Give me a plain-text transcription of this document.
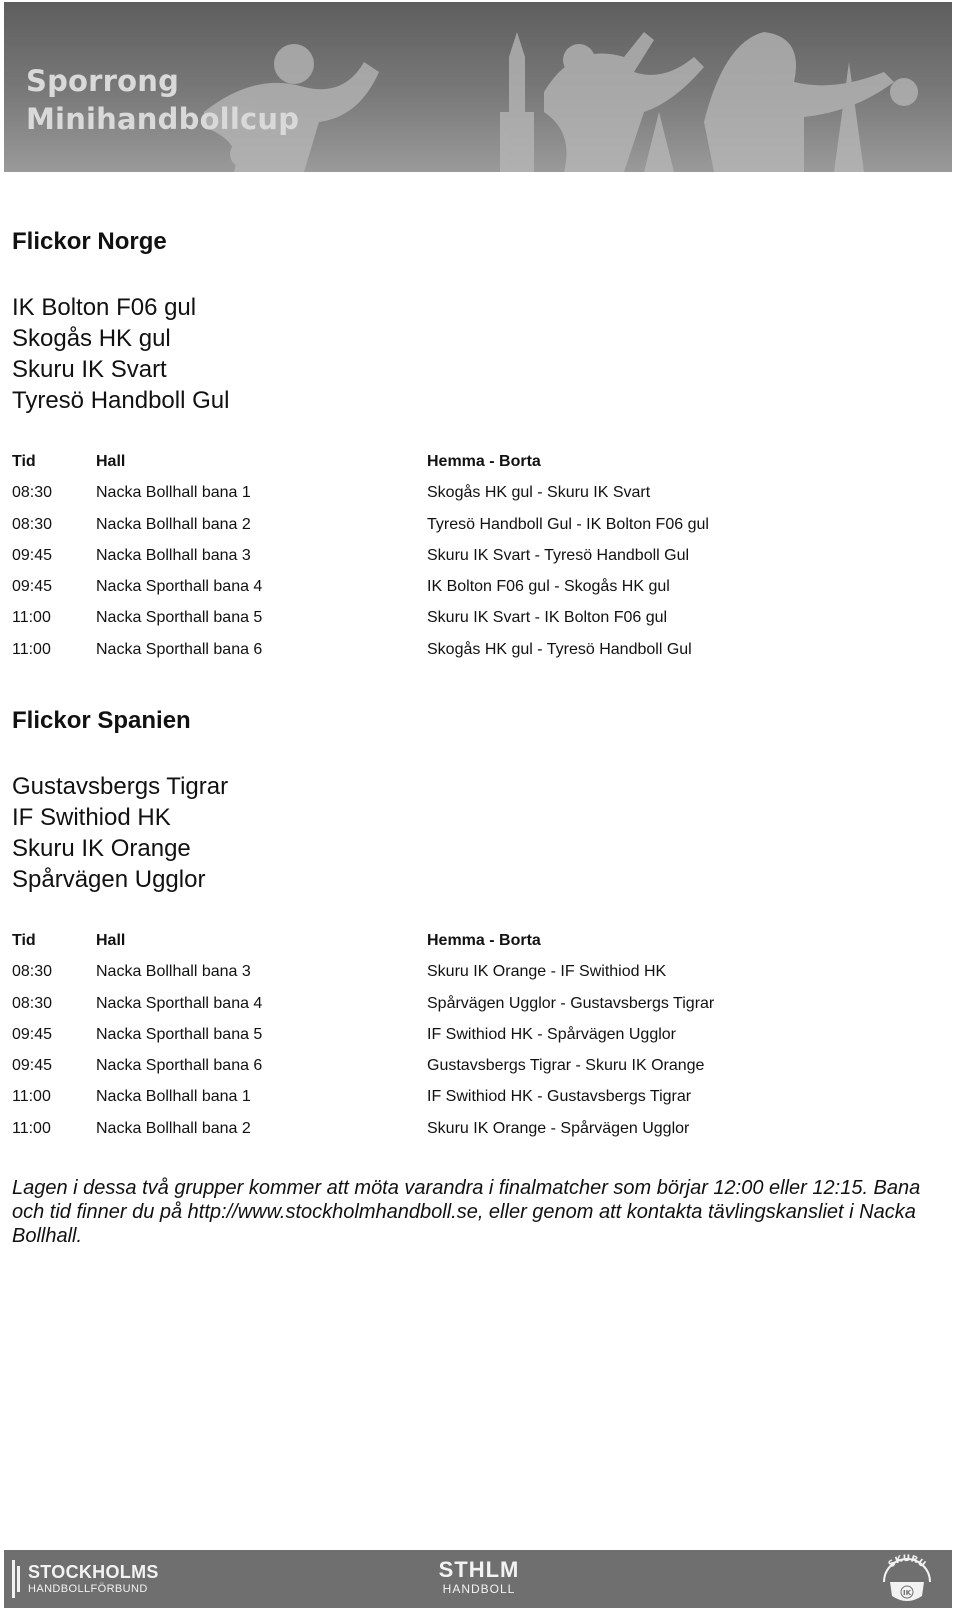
Sporrong
Minihandbollcup
Flickor Norge
IK Bolton F06 gul
Skogås HK gul
Skuru IK Svart
Tyresö Handboll Gul
Tid	Hall	Hemma - Borta
08:30	Nacka Bollhall bana 1	Skogås HK gul - Skuru IK Svart
08:30	Nacka Bollhall bana 2	Tyresö Handboll Gul - IK Bolton F06 gul
09:45	Nacka Bollhall bana 3	Skuru IK Svart - Tyresö Handboll Gul
09:45	Nacka Sporthall bana 4	IK Bolton F06 gul - Skogås HK gul
11:00	Nacka Sporthall bana 5	Skuru IK Svart - IK Bolton F06 gul
11:00	Nacka Sporthall bana 6	Skogås HK gul - Tyresö Handboll Gul
Flickor Spanien
Gustavsbergs Tigrar
IF Swithiod HK
Skuru IK Orange
Spårvägen Ugglor
Tid	Hall	Hemma - Borta
08:30	Nacka Bollhall bana 3	Skuru IK Orange - IF Swithiod HK
08:30	Nacka Sporthall bana 4	Spårvägen Ugglor - Gustavsbergs Tigrar
09:45	Nacka Sporthall bana 5	IF Swithiod HK - Spårvägen Ugglor
09:45	Nacka Sporthall bana 6	Gustavsbergs Tigrar - Skuru IK Orange
11:00	Nacka Bollhall bana 1	IF Swithiod HK - Gustavsbergs Tigrar
11:00	Nacka Bollhall bana 2	Skuru IK Orange - Spårvägen Ugglor

Lagen i dessa två grupper kommer att möta varandra i finalmatcher som börjar 12:00 eller 12:15. Bana och tid finner du på http://www.stockholmhandboll.se, eller genom att kontakta tävlingskansliet i Nacka Bollhall.

STOCKHOLMS
HANDBOLLFÖRBUND
STHLM
HANDBOLL
SKURU
IK
